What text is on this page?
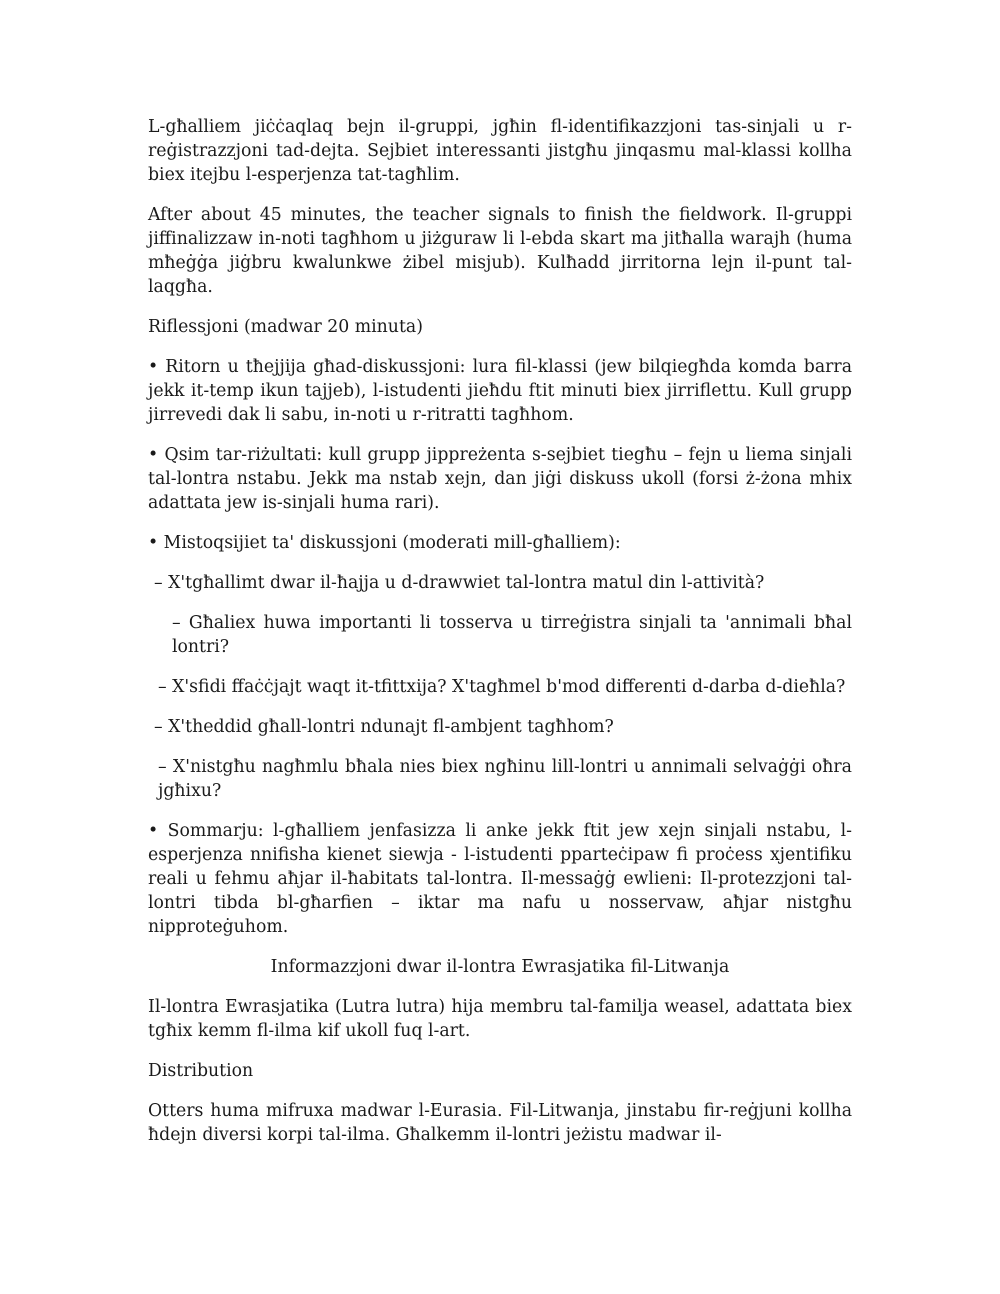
L-għalliem jiċċaqlaq bejn il-gruppi, jgħin fl-identifikazzjoni tas-sinjali u r-reġistrazzjoni tad-dejta. Sejbiet interessanti jistgħu jinqasmu mal-klassi kollha biex itejbu l-esperjenza tat-tagħlim.

After about 45 minutes, the teacher signals to finish the fieldwork. Il-gruppi jiffinalizzaw in-noti tagħhom u jiżguraw li l-ebda skart ma jitħalla warajh (huma mħeġġa jiġbru kwalunkwe żibel misjub). Kulħadd jirritorna lejn il-punt tal-laqgħa.

Riflessjoni (madwar 20 minuta)

• Ritorn u tħejjija għad-diskussjoni: lura fil-klassi (jew bilqiegħda komda barra jekk it-temp ikun tajjeb), l-istudenti jieħdu ftit minuti biex jirriflettu. Kull grupp jirrevedi dak li sabu, in-noti u r-ritratti tagħhom.

• Qsim tar-riżultati: kull grupp jippreżenta s-sejbiet tiegħu – fejn u liema sinjali tal-lontra nstabu. Jekk ma nstab xejn, dan jiġi diskuss ukoll (forsi ż-żona mhix adattata jew is-sinjali huma rari).

• Mistoqsijiet ta' diskussjoni (moderati mill-għalliem):

– X'tgħallimt dwar il-ħajja u d-drawwiet tal-lontra matul din l-attività?

– Għaliex huwa importanti li tosserva u tirreġistra sinjali ta 'annimali bħal lontri?

– X'sfidi ffaċċjajt waqt it-tfittxija? X'tagħmel b'mod differenti d-darba d-dieħla?

– X'theddid għall-lontri ndunajt fl-ambjent tagħhom?

– X'nistgħu nagħmlu bħala nies biex ngħinu lill-lontri u annimali selvaġġi oħra jgħixu?

• Sommarju: l-għalliem jenfasizza li anke jekk ftit jew xejn sinjali nstabu, l-esperjenza nnifisha kienet siewja - l-istudenti pparteċipaw fi proċess xjentifiku reali u fehmu aħjar il-ħabitats tal-lontra. Il-messaġġ ewlieni: Il-protezzjoni tal-lontri tibda bl-għarfien – iktar ma nafu u nosservaw, aħjar nistgħu nipproteġuhom.

Informazzjoni dwar il-lontra Ewrasjatika fil-Litwanja

Il-lontra Ewrasjatika (Lutra lutra) hija membru tal-familja weasel, adattata biex tgħix kemm fl-ilma kif ukoll fuq l-art.

Distribution

Otters huma mifruxa madwar l-Eurasia. Fil-Litwanja, jinstabu fir-reġjuni kollha ħdejn diversi korpi tal-ilma. Għalkemm il-lontri jeżistu madwar il-
